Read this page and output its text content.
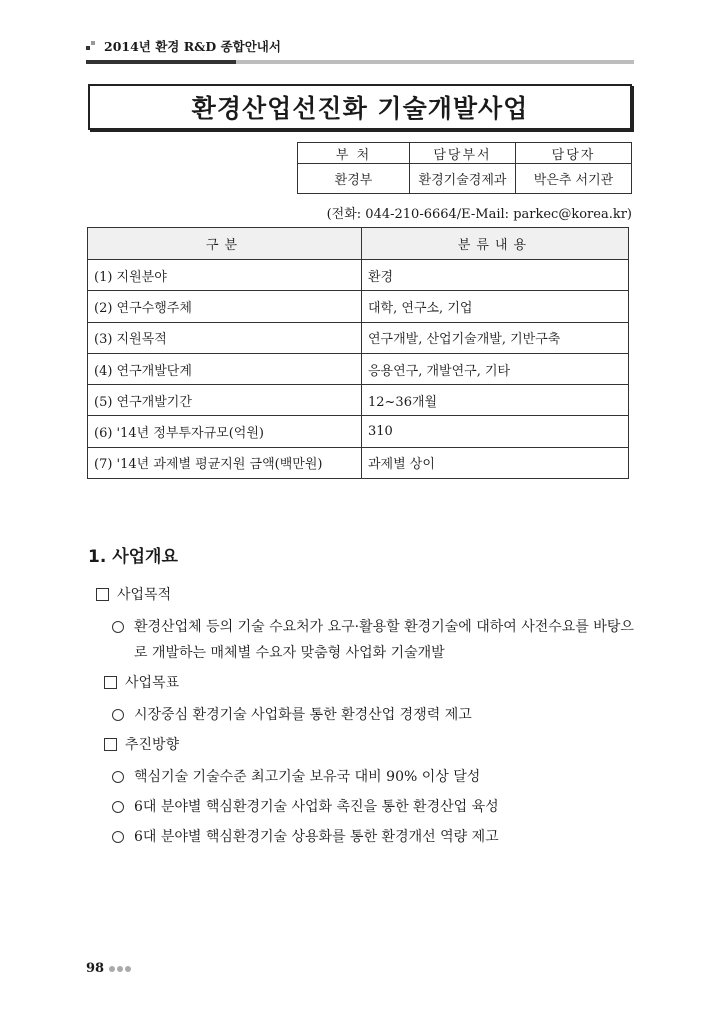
2014년 환경 R&D 종합안내서
환경산업선진화 기술개발사업
부 처	담당부서	담당자
환경부	환경기술경제과	박은추 서기관
(전화: 044-210-6664/E-Mail: parkec@korea.kr)
구분	분류내용
(1) 지원분야	환경
(2) 연구수행주체	대학, 연구소, 기업
(3) 지원목적	연구개발, 산업기술개발, 기반구축
(4) 연구개발단계	응용연구, 개발연구, 기타
(5) 연구개발기간	12~36개월
(6) '14년 정부투자규모(억원)	310
(7) '14년 과제별 평균지원 금액(백만원)	과제별 상이
1. 사업개요
사업목적
환경산업체 등의 기술 수요처가 요구·활용할 환경기술에 대하여 사전수요를 바탕으로 개발하는 매체별 수요자 맞춤형 사업화 기술개발
사업목표
시장중심 환경기술 사업화를 통한 환경산업 경쟁력 제고
추진방향
핵심기술 기술수준 최고기술 보유국 대비 90% 이상 달성
6대 분야별 핵심환경기술 사업화 촉진을 통한 환경산업 육성
6대 분야별 핵심환경기술 상용화를 통한 환경개선 역량 제고
98
